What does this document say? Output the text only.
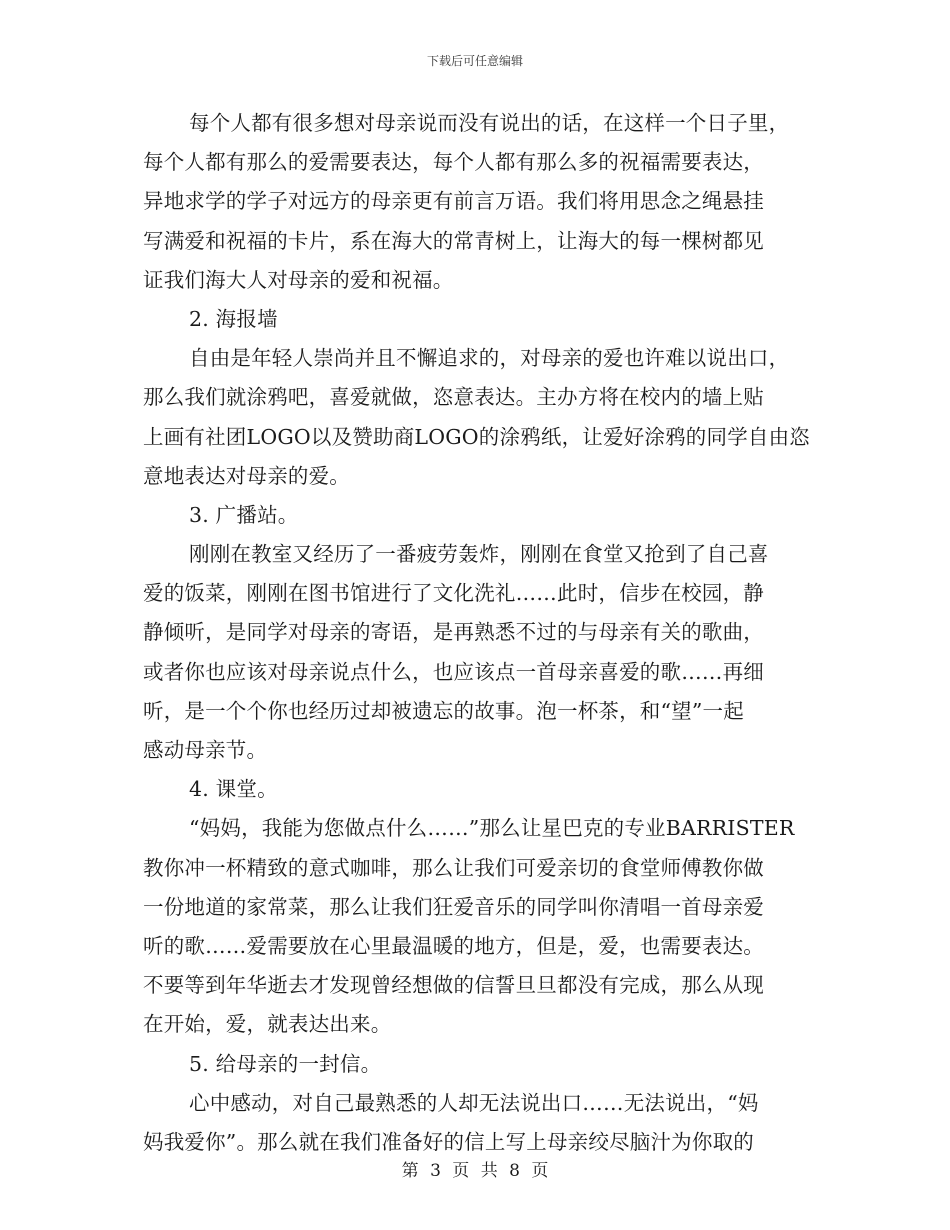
下载后可任意编辑
每个人都有很多想对母亲说而没有说出的话，在这样一个日子里，
每个人都有那么的爱需要表达，每个人都有那么多的祝福需要表达，
异地求学的学子对远方的母亲更有前言万语。我们将用思念之绳悬挂
写满爱和祝福的卡片，系在海大的常青树上，让海大的每一棵树都见
证我们海大人对母亲的爱和祝福。
2. 海报墙
自由是年轻人崇尚并且不懈追求的，对母亲的爱也许难以说出口，
那么我们就涂鸦吧，喜爱就做，恣意表达。主办方将在校内的墙上贴
上画有社团LOGO以及赞助商LOGO的涂鸦纸，让爱好涂鸦的同学自由恣
意地表达对母亲的爱。
3. 广播站。
刚刚在教室又经历了一番疲劳轰炸，刚刚在食堂又抢到了自己喜
爱的饭菜，刚刚在图书馆进行了文化洗礼……此时，信步在校园，静
静倾听，是同学对母亲的寄语，是再熟悉不过的与母亲有关的歌曲，
或者你也应该对母亲说点什么，也应该点一首母亲喜爱的歌……再细
听，是一个个你也经历过却被遗忘的故事。泡一杯茶，和“望”一起
感动母亲节。
4. 课堂。
“妈妈，我能为您做点什么……”那么让星巴克的专业BARRISTER
教你冲一杯精致的意式咖啡，那么让我们可爱亲切的食堂师傅教你做
一份地道的家常菜，那么让我们狂爱音乐的同学叫你清唱一首母亲爱
听的歌……爱需要放在心里最温暖的地方，但是，爱，也需要表达。
不要等到年华逝去才发现曾经想做的信誓旦旦都没有完成，那么从现
在开始，爱，就表达出来。
5. 给母亲的一封信。
心中感动，对自己最熟悉的人却无法说出口……无法说出，“妈
妈我爱你”。那么就在我们准备好的信上写上母亲绞尽脑汁为你取的
第 3 页 共 8 页
